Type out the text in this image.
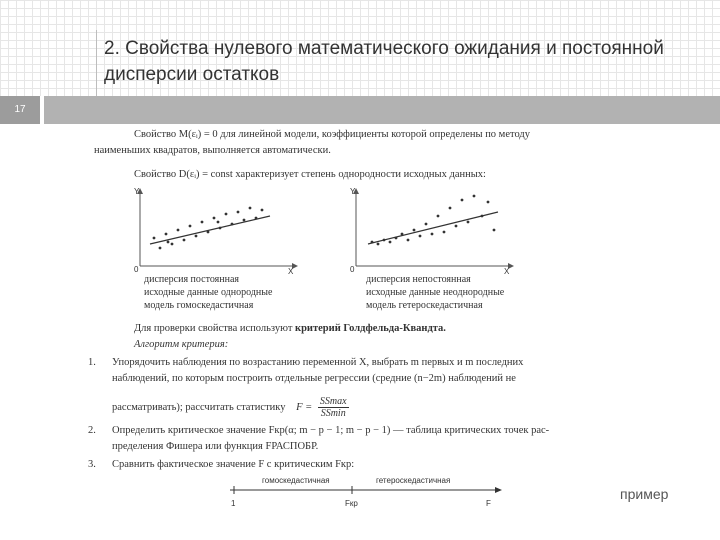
2. Свойства нулевого математического ожидания и постоянной дисперсии остатков
17
Свойство M(εᵢ) = 0 для линейной модели, коэффициенты которой определены по методу
наименьших квадратов, выполняется автоматически.
Свойство D(εᵢ) = const характеризует степень однородности исходных данных:
Y
0	X
дисперсия постоянная
исходные данные однородные
модель гомоскедастичная
Y
0	X
дисперсия непостоянная
исходные данные неоднородные
модель гетероскедастичная
Для проверки свойства используют критерий Голдфельда-Квандта.
Алгоритм критерия:
1. Упорядочить наблюдения по возрастанию переменной X, выбрать m первых и m последних
наблюдений, по которым построить отдельные регрессии (средние (n−2m) наблюдений не
рассматривать); рассчитать статистику $F = \frac{SSmax}{SSmin}$
2. Определить критическое значение Fкр(α; m − p − 1; m − p − 1) — таблица критических точек рас-
пределения Фишера или функция FРАСПОБР.
3. Сравнить фактическое значение F с критическим Fкр:
гомоскедастичная	гетероскедастичная
1	Fкр	F
пример
